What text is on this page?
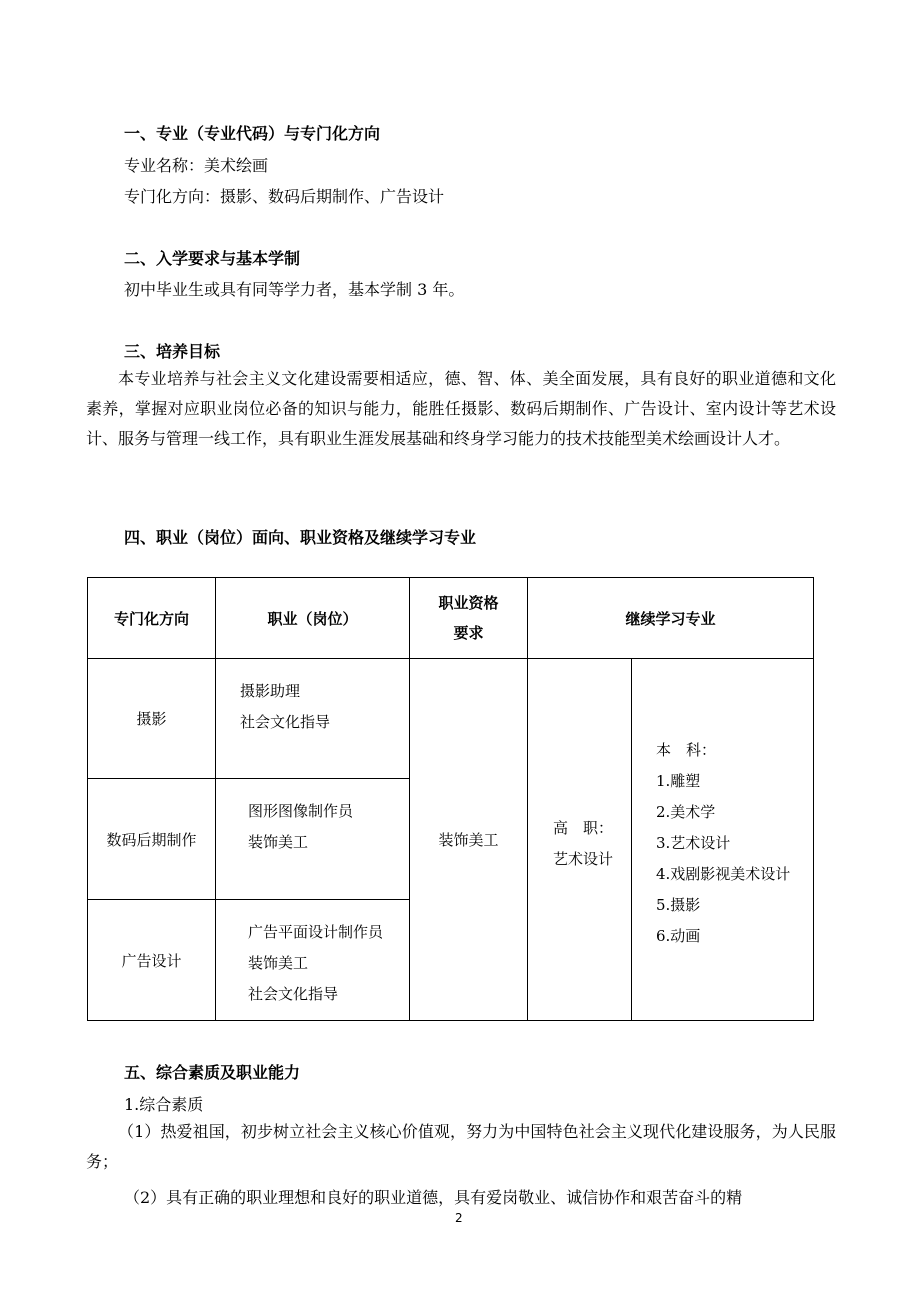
一、专业（专业代码）与专门化方向
专业名称：美术绘画
专门化方向：摄影、数码后期制作、广告设计
二、入学要求与基本学制
初中毕业生或具有同等学力者，基本学制 3 年。
三、培养目标
本专业培养与社会主义文化建设需要相适应，德、智、体、美全面发展，具有良好的职业道德和文化素养，掌握对应职业岗位必备的知识与能力，能胜任摄影、数码后期制作、广告设计、室内设计等艺术设计、服务与管理一线工作，具有职业生涯发展基础和终身学习能力的技术技能型美术绘画设计人才。
四、职业（岗位）面向、职业资格及继续学习专业
专门化方向	职业（岗位）
职业资格
要求
继续学习专业
摄影
摄影助理
社会文化指导
数码后期制作
图形图像制作员
装饰美工
广告设计
广告平面设计制作员
装饰美工
社会文化指导
装饰美工
高　职：
艺术设计
本　科：
1.雕塑
2.美术学
3.艺术设计
4.戏剧影视美术设计
5.摄影
6.动画
五、综合素质及职业能力
1.综合素质
（1）热爱祖国，初步树立社会主义核心价值观，努力为中国特色社会主义现代化建设服务，为人民服务；
（2）具有正确的职业理想和良好的职业道德，具有爱岗敬业、诚信协作和艰苦奋斗的精
2
